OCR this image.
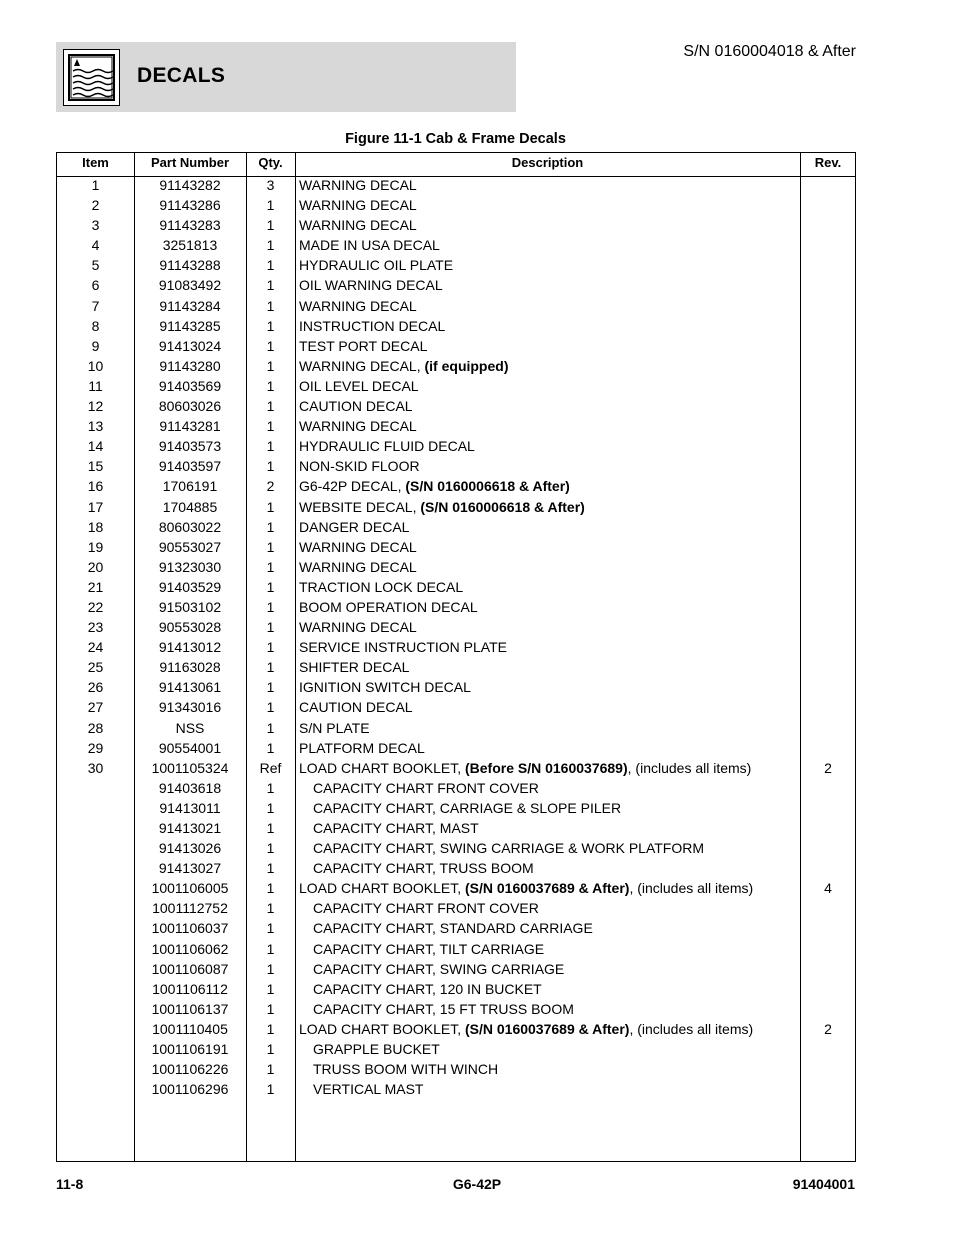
DECALS
S/N 0160004018 & After
Figure 11-1 Cab & Frame Decals
Item	Part Number	Qty.	Description	Rev.
1	91143282	3	WARNING DECAL
2	91143286	1	WARNING DECAL
3	91143283	1	WARNING DECAL
4	3251813	1	MADE IN USA DECAL
5	91143288	1	HYDRAULIC OIL PLATE
6	91083492	1	OIL WARNING DECAL
7	91143284	1	WARNING DECAL
8	91143285	1	INSTRUCTION DECAL
9	91413024	1	TEST PORT DECAL
10	91143280	1	WARNING DECAL, (if equipped)
11	91403569	1	OIL LEVEL DECAL
12	80603026	1	CAUTION DECAL
13	91143281	1	WARNING DECAL
14	91403573	1	HYDRAULIC FLUID DECAL
15	91403597	1	NON-SKID FLOOR
16	1706191	2	G6-42P DECAL, (S/N 0160006618 & After)
17	1704885	1	WEBSITE DECAL, (S/N 0160006618 & After)
18	80603022	1	DANGER DECAL
19	90553027	1	WARNING DECAL
20	91323030	1	WARNING DECAL
21	91403529	1	TRACTION LOCK DECAL
22	91503102	1	BOOM OPERATION DECAL
23	90553028	1	WARNING DECAL
24	91413012	1	SERVICE INSTRUCTION PLATE
25	91163028	1	SHIFTER DECAL
26	91413061	1	IGNITION SWITCH DECAL
27	91343016	1	CAUTION DECAL
28	NSS	1	S/N PLATE
29	90554001	1	PLATFORM DECAL
30	1001105324	Ref	LOAD CHART BOOKLET, (Before S/N 0160037689), (includes all items)	2
91403618	1	CAPACITY CHART FRONT COVER
91413011	1	CAPACITY CHART, CARRIAGE & SLOPE PILER
91413021	1	CAPACITY CHART, MAST
91413026	1	CAPACITY CHART, SWING CARRIAGE & WORK PLATFORM
91413027	1	CAPACITY CHART, TRUSS BOOM
1001106005	1	LOAD CHART BOOKLET, (S/N 0160037689 & After), (includes all items)	4
1001112752	1	CAPACITY CHART FRONT COVER
1001106037	1	CAPACITY CHART, STANDARD CARRIAGE
1001106062	1	CAPACITY CHART, TILT CARRIAGE
1001106087	1	CAPACITY CHART, SWING CARRIAGE
1001106112	1	CAPACITY CHART, 120 IN BUCKET
1001106137	1	CAPACITY CHART, 15 FT TRUSS BOOM
1001110405	1	LOAD CHART BOOKLET, (S/N 0160037689 & After), (includes all items)	2
1001106191	1	GRAPPLE BUCKET
1001106226	1	TRUSS BOOM WITH WINCH
1001106296	1	VERTICAL MAST
11-8	G6-42P	91404001
